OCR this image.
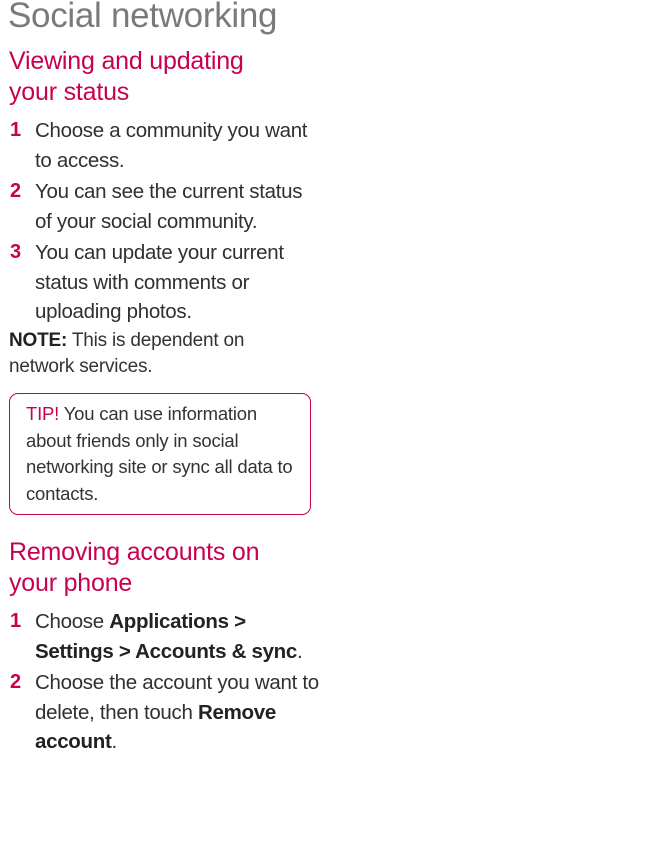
Social networking
Viewing and updating
your status
1 Choose a community you want to access.
2 You can see the current status of your social community.
3 You can update your current status with comments or uploading photos.
NOTE: This is dependent on network services.
TIP! You can use information about friends only in social networking site or sync all data to contacts.
Removing accounts on
your phone
1 Choose Applications >
Settings > Accounts & sync.
2 Choose the account you want to delete, then touch Remove account.
